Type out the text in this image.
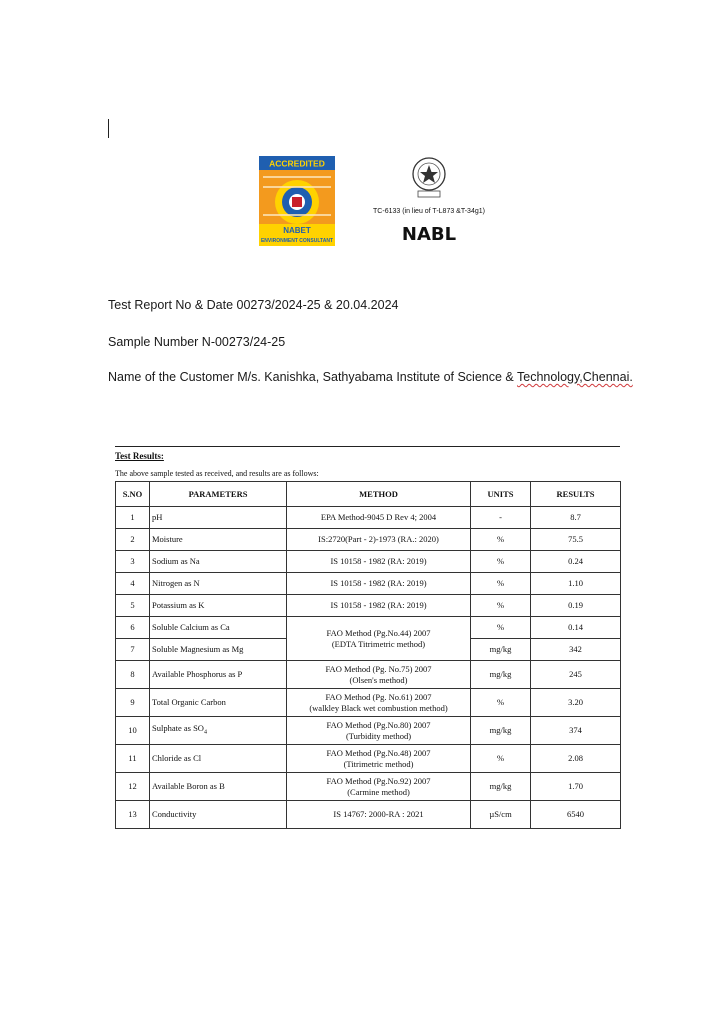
ACCREDITED
NABET
ENVIRONMENT CONSULTANT
TC-6133 (in lieu of T-L873 &T-34g1)
NABL
Test Report No & Date 00273/2024-25 & 20.04.2024
Sample Number N-00273/24-25
Name of the Customer M/s. Kanishka, Sathyabama Institute of Science & Technology,Chennai.
Test Results:
The above sample tested as received, and results are as follows:
S.NO	PARAMETERS	METHOD	UNITS	RESULTS
1	pH	EPA Method-9045 D Rev 4; 2004	-	8.7
2	Moisture	IS:2720(Part - 2)-1973 (RA.: 2020)	%	75.5
3	Sodium as Na	IS 10158 - 1982 (RA: 2019)	%	0.24
4	Nitrogen as N	IS 10158 - 1982 (RA: 2019)	%	1.10
5	Potassium as K	IS 10158 - 1982 (RA: 2019)	%	0.19
6	Soluble Calcium as Ca	FAO Method (Pg.No.44) 2007
(EDTA Titrimetric method)	%	0.14
7	Soluble Magnesium as Mg		mg/kg	342
8	Available Phosphorus as P	FAO Method (Pg. No.75) 2007
(Olsen's method)	mg/kg	245
9	Total Organic Carbon	FAO Method (Pg. No.61) 2007
(walkley Black wet combustion method)	%	3.20
10	Sulphate as $SO_4$	FAO Method (Pg.No.80) 2007
(Turbidity method)	mg/kg	374
11	Chloride as Cl	FAO Method (Pg.No.48) 2007
(Titrimetric method)	%	2.08
12	Available Boron as B	FAO Method (Pg.No.92) 2007
(Carmine method)	mg/kg	1.70
13	Conductivity	IS 14767: 2000-RA : 2021	µS/cm	6540
